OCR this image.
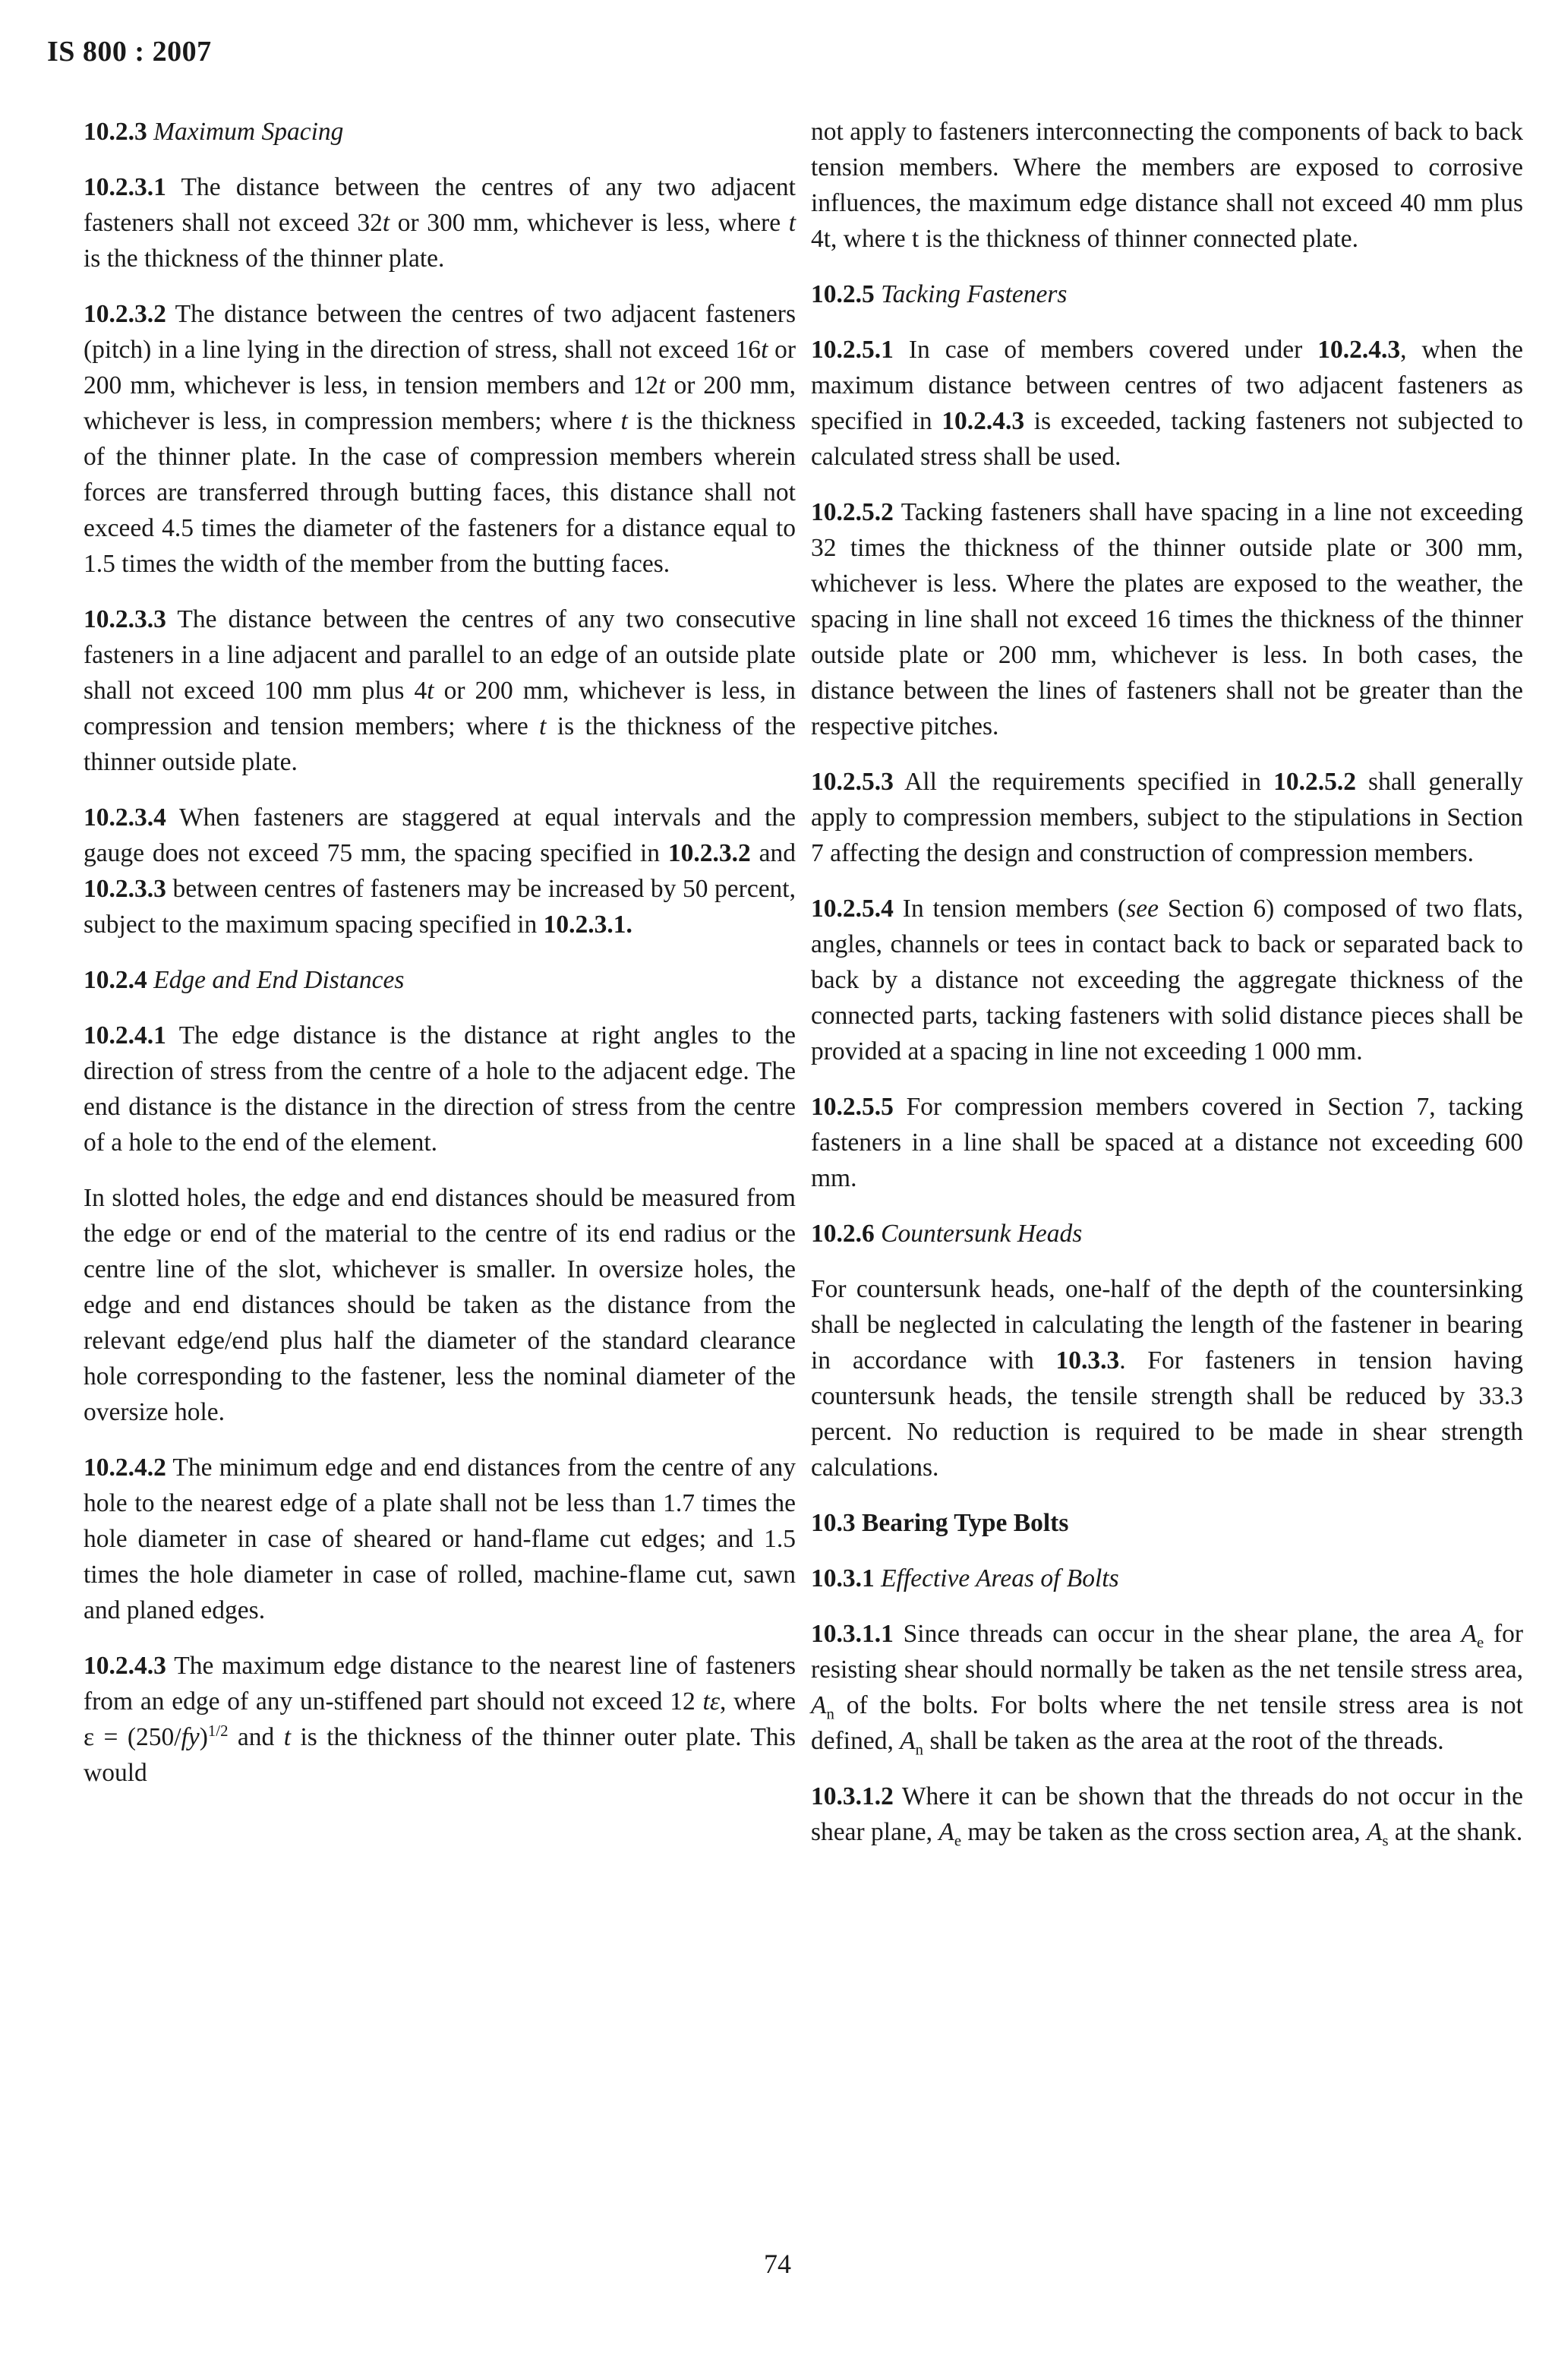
IS 800 : 2007

10.2.3 Maximum Spacing

10.2.3.1 The distance between the centres of any two adjacent fasteners shall not exceed 32t or 300 mm, whichever is less, where t is the thickness of the thinner plate.

10.2.3.2 The distance between the centres of two adjacent fasteners (pitch) in a line lying in the direction of stress, shall not exceed 16t or 200 mm, whichever is less, in tension members and 12t or 200 mm, whichever is less, in compression members; where t is the thickness of the thinner plate. In the case of compression members wherein forces are transferred through butting faces, this distance shall not exceed 4.5 times the diameter of the fasteners for a distance equal to 1.5 times the width of the member from the butting faces.

10.2.3.3 The distance between the centres of any two consecutive fasteners in a line adjacent and parallel to an edge of an outside plate shall not exceed 100 mm plus 4t or 200 mm, whichever is less, in compression and tension members; where t is the thickness of the thinner outside plate.

10.2.3.4 When fasteners are staggered at equal intervals and the gauge does not exceed 75 mm, the spacing specified in 10.2.3.2 and 10.2.3.3 between centres of fasteners may be increased by 50 percent, subject to the maximum spacing specified in 10.2.3.1.

10.2.4 Edge and End Distances

10.2.4.1 The edge distance is the distance at right angles to the direction of stress from the centre of a hole to the adjacent edge. The end distance is the distance in the direction of stress from the centre of a hole to the end of the element.

In slotted holes, the edge and end distances should be measured from the edge or end of the material to the centre of its end radius or the centre line of the slot, whichever is smaller. In oversize holes, the edge and end distances should be taken as the distance from the relevant edge/end plus half the diameter of the standard clearance hole corresponding to the fastener, less the nominal diameter of the oversize hole.

10.2.4.2 The minimum edge and end distances from the centre of any hole to the nearest edge of a plate shall not be less than 1.7 times the hole diameter in case of sheared or hand-flame cut edges; and 1.5 times the hole diameter in case of rolled, machine-flame cut, sawn and planed edges.

10.2.4.3 The maximum edge distance to the nearest line of fasteners from an edge of any un-stiffened part should not exceed 12 tε, where $\varepsilon = (250/fy)^{1/2}$ and t is the thickness of the thinner outer plate. This would

not apply to fasteners interconnecting the components of back to back tension members. Where the members are exposed to corrosive influences, the maximum edge distance shall not exceed 40 mm plus 4t, where t is the thickness of thinner connected plate.

10.2.5 Tacking Fasteners

10.2.5.1 In case of members covered under 10.2.4.3, when the maximum distance between centres of two adjacent fasteners as specified in 10.2.4.3 is exceeded, tacking fasteners not subjected to calculated stress shall be used.

10.2.5.2 Tacking fasteners shall have spacing in a line not exceeding 32 times the thickness of the thinner outside plate or 300 mm, whichever is less. Where the plates are exposed to the weather, the spacing in line shall not exceed 16 times the thickness of the thinner outside plate or 200 mm, whichever is less. In both cases, the distance between the lines of fasteners shall not be greater than the respective pitches.

10.2.5.3 All the requirements specified in 10.2.5.2 shall generally apply to compression members, subject to the stipulations in Section 7 affecting the design and construction of compression members.

10.2.5.4 In tension members (see Section 6) composed of two flats, angles, channels or tees in contact back to back or separated back to back by a distance not exceeding the aggregate thickness of the connected parts, tacking fasteners with solid distance pieces shall be provided at a spacing in line not exceeding 1 000 mm.

10.2.5.5 For compression members covered in Section 7, tacking fasteners in a line shall be spaced at a distance not exceeding 600 mm.

10.2.6 Countersunk Heads

For countersunk heads, one-half of the depth of the countersinking shall be neglected in calculating the length of the fastener in bearing in accordance with 10.3.3. For fasteners in tension having countersunk heads, the tensile strength shall be reduced by 33.3 percent. No reduction is required to be made in shear strength calculations.

10.3 Bearing Type Bolts

10.3.1 Effective Areas of Bolts

10.3.1.1 Since threads can occur in the shear plane, the area $A_e$ for resisting shear should normally be taken as the net tensile stress area, $A_n$ of the bolts. For bolts where the net tensile stress area is not defined, $A_n$ shall be taken as the area at the root of the threads.

10.3.1.2 Where it can be shown that the threads do not occur in the shear plane, $A_e$ may be taken as the cross section area, $A_s$ at the shank.

74
